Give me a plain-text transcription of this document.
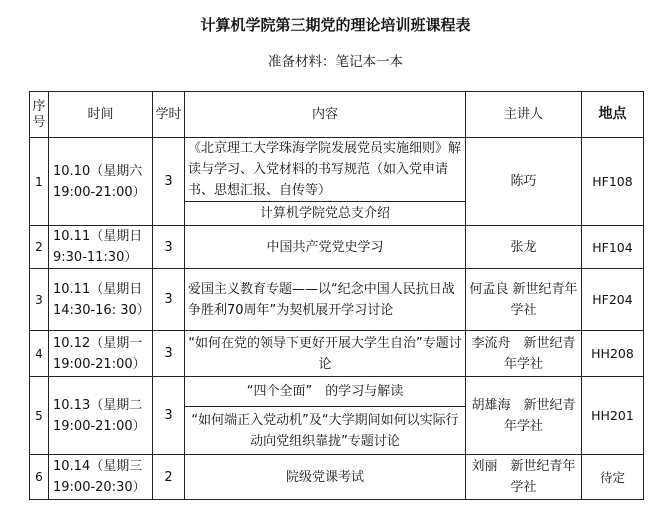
计算机学院第三期党的理论培训班课程表
准备材料：笔记本一本
序号	时间	学时	内容	主讲人	地点
1	10.10（星期六 19:00-21:00）	3	《北京理工大学珠海学院发展党员实施细则》解读与学习、入党材料的书写规范（如入党申请书、思想汇报、自传等）	陈巧	HF108
			计算机学院党总支介绍		
2	10.11（星期日 9:30-11:30）	3	中国共产党党史学习	张龙	HF104
3	10.11（星期日 14:30-16: 30）	3	爱国主义教育专题——以“纪念中国人民抗日战争胜利70周年”为契机展开学习讨论	何孟良 新世纪青年学社	HF204
4	10.12（星期一 19:00-21:00）	3	“如何在党的领导下更好开展大学生自治”专题讨论	李流舟　新世纪青年学社	HH208
5	10.13（星期二 19:00-21:00）	3	“四个全面”　的学习与解读	胡雄海　新世纪青年学社	HH201
			“如何端正入党动机”及“大学期间如何以实际行动向党组织靠拢”专题讨论		
6	10.14（星期三 19:00-20:30）	2	院级党课考试	刘丽　新世纪青年学社	待定
